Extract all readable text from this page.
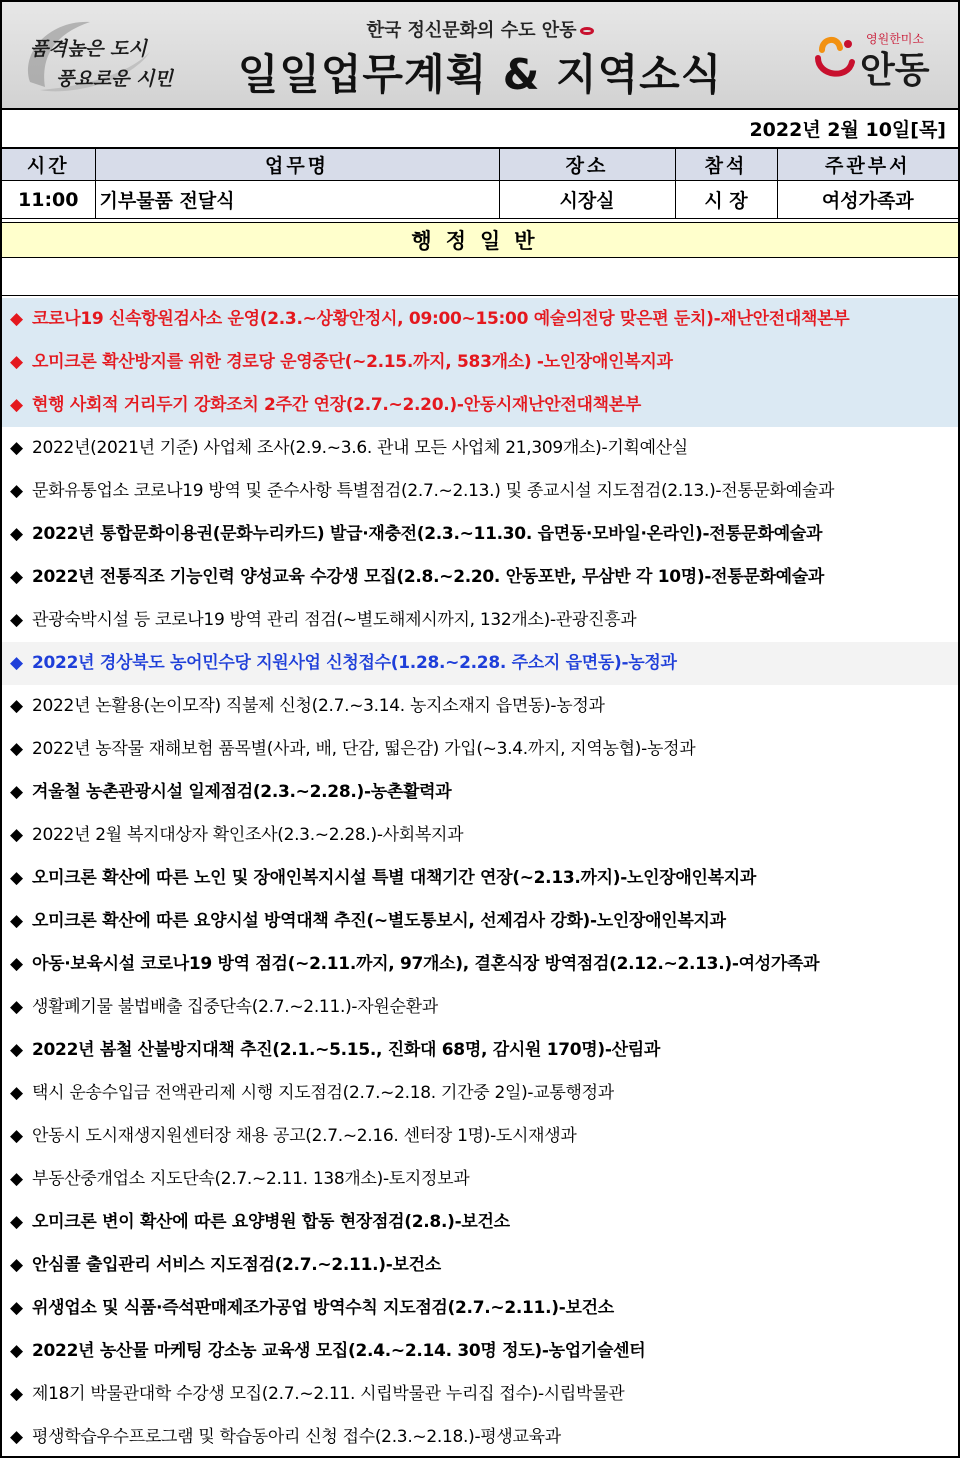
품격높은 도시
풍요로운 시민
한국 정신문화의 수도 안동
일일업무계획 & 지역소식
영원한미소
안동
2022년 2월 10일[목]
시간	업무명	장소	참석	주관부서
11:00	기부물품 전달식	시장실	시 장	여성가족과
행정일반
◆ 코로나19 신속항원검사소 운영(2.3.~상황안정시, 09:00~15:00 예술의전당 맞은편 둔치)-재난안전대책본부
◆ 오미크론 확산방지를 위한 경로당 운영중단(~2.15.까지, 583개소) -노인장애인복지과
◆ 현행 사회적 거리두기 강화조치 2주간 연장(2.7.~2.20.)-안동시재난안전대책본부
◆ 2022년(2021년 기준) 사업체 조사(2.9.~3.6. 관내 모든 사업체 21,309개소)-기획예산실
◆ 문화유통업소 코로나19 방역 및 준수사항 특별점검(2.7.~2.13.) 및 종교시설 지도점검(2.13.)-전통문화예술과
◆ 2022년 통합문화이용권(문화누리카드) 발급·재충전(2.3.~11.30. 읍면동·모바일·온라인)-전통문화예술과
◆ 2022년 전통직조 기능인력 양성교육 수강생 모집(2.8.~2.20. 안동포반, 무삼반 각 10명)-전통문화예술과
◆ 관광숙박시설 등 코로나19 방역 관리 점검(~별도해제시까지, 132개소)-관광진흥과
◆ 2022년 경상북도 농어민수당 지원사업 신청접수(1.28.~2.28. 주소지 읍면동)-농정과
◆ 2022년 논활용(논이모작) 직불제 신청(2.7.~3.14. 농지소재지 읍면동)-농정과
◆ 2022년 농작물 재해보험 품목별(사과, 배, 단감, 떫은감) 가입(~3.4.까지, 지역농협)-농정과
◆ 겨울철 농촌관광시설 일제점검(2.3.~2.28.)-농촌활력과
◆ 2022년 2월 복지대상자 확인조사(2.3.~2.28.)-사회복지과
◆ 오미크론 확산에 따른 노인 및 장애인복지시설 특별 대책기간 연장(~2.13.까지)-노인장애인복지과
◆ 오미크론 확산에 따른 요양시설 방역대책 추진(~별도통보시, 선제검사 강화)-노인장애인복지과
◆ 아동·보육시설 코로나19 방역 점검(~2.11.까지, 97개소), 결혼식장 방역점검(2.12.~2.13.)-여성가족과
◆ 생활폐기물 불법배출 집중단속(2.7.~2.11.)-자원순환과
◆ 2022년 봄철 산불방지대책 추진(2.1.~5.15., 진화대 68명, 감시원 170명)-산림과
◆ 택시 운송수입금 전액관리제 시행 지도점검(2.7.~2.18. 기간중 2일)-교통행정과
◆ 안동시 도시재생지원센터장 채용 공고(2.7.~2.16. 센터장 1명)-도시재생과
◆ 부동산중개업소 지도단속(2.7.~2.11. 138개소)-토지정보과
◆ 오미크론 변이 확산에 따른 요양병원 합동 현장점검(2.8.)-보건소
◆ 안심콜 출입관리 서비스 지도점검(2.7.~2.11.)-보건소
◆ 위생업소 및 식품·즉석판매제조가공업 방역수칙 지도점검(2.7.~2.11.)-보건소
◆ 2022년 농산물 마케팅 강소농 교육생 모집(2.4.~2.14. 30명 정도)-농업기술센터
◆ 제18기 박물관대학 수강생 모집(2.7.~2.11. 시립박물관 누리집 접수)-시립박물관
◆ 평생학습우수프로그램 및 학습동아리 신청 접수(2.3.~2.18.)-평생교육과
